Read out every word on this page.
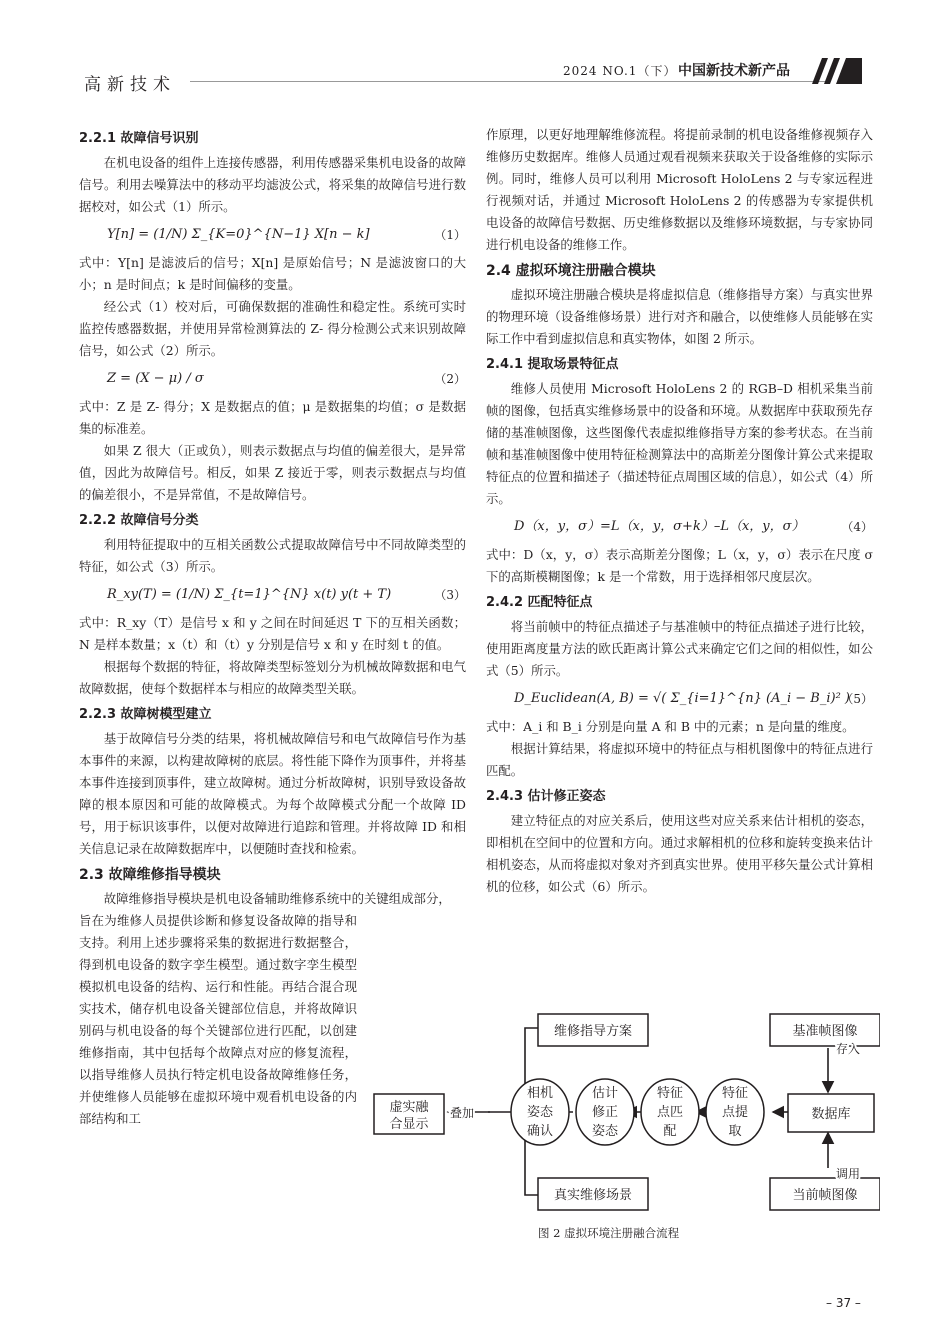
高新技术
2024 NO.1（下） 中国新技术新产品
2.2.1 故障信号识别

在机电设备的组件上连接传感器，利用传感器采集机电设备的故障信号。利用去噪算法中的移动平均滤波公式，将采集的故障信号进行数据校对，如公式（1）所示。

Y[n] = (1/N) Σ_{K=0}^{N−1} X[n − k]	（1）

式中：Y[n] 是滤波后的信号；X[n] 是原始信号；N 是滤波窗口的大小；n 是时间点；k 是时间偏移的变量。

经公式（1）校对后，可确保数据的准确性和稳定性。系统可实时监控传感器数据，并使用异常检测算法的 Z- 得分检测公式来识别故障信号，如公式（2）所示。

Z = (X − μ) / σ	（2）

式中：Z 是 Z- 得分；X 是数据点的值；μ 是数据集的均值；σ 是数据集的标准差。

如果 Z 很大（正或负），则表示数据点与均值的偏差很大，是异常值，因此为故障信号。相反，如果 Z 接近于零，则表示数据点与均值的偏差很小，不是异常值，不是故障信号。

2.2.2 故障信号分类

利用特征提取中的互相关函数公式提取故障信号中不同故障类型的特征，如公式（3）所示。

R_xy(T) = (1/N) Σ_{t=1}^{N} x(t) y(t + T)	（3）

式中：R_xy（T）是信号 x 和 y 之间在时间延迟 T 下的互相关函数；N 是样本数量；x（t）和（t）y 分别是信号 x 和 y 在时刻 t 的值。

根据每个数据的特征，将故障类型标签划分为机械故障数据和电气故障数据，使每个数据样本与相应的故障类型关联。

2.2.3 故障树模型建立

基于故障信号分类的结果，将机械故障信号和电气故障信号作为基本事件的来源，以构建故障树的底层。将性能下降作为顶事件，并将基本事件连接到顶事件，建立故障树。通过分析故障树，识别导致设备故障的根本原因和可能的故障模式。为每个故障模式分配一个故障 ID 号，用于标识该事件，以便对故障进行追踪和管理。并将故障 ID 和相关信息记录在故障数据库中，以便随时查找和检索。

2.3 故障维修指导模块

故障维修指导模块是机电设备辅助维修系统中的关键组成部分，

旨在为维修人员提供诊断和修复设备故障的指导和支持。利用上述步骤将采集的数据进行数据整合，得到机电设备的数字孪生模型。通过数字孪生模型模拟机电设备的结构、运行和性能。再结合混合现实技术，储存机电设备关键部位信息，并将故障识别码与机电设备的每个关键部位进行匹配，以创建维修指南，其中包括每个故障点对应的修复流程，以指导维修人员执行特定机电设备故障维修任务，并使维修人员能够在虚拟环境中观看机电设备的内部结构和工

作原理，以更好地理解维修流程。将提前录制的机电设备维修视频存入维修历史数据库。维修人员通过观看视频来获取关于设备维修的实际示例。同时，维修人员可以利用 Microsoft HoloLens 2 与专家远程进行视频对话，并通过 Microsoft HoloLens 2 的传感器为专家提供机电设备的故障信号数据、历史维修数据以及维修环境数据，与专家协同进行机电设备的维修工作。

2.4 虚拟环境注册融合模块

虚拟环境注册融合模块是将虚拟信息（维修指导方案）与真实世界的物理环境（设备维修场景）进行对齐和融合，以使维修人员能够在实际工作中看到虚拟信息和真实物体，如图 2 所示。

2.4.1 提取场景特征点

维修人员使用 Microsoft HoloLens 2 的 RGB–D 相机采集当前帧的图像，包括真实维修场景中的设备和环境。从数据库中获取预先存储的基准帧图像，这些图像代表虚拟维修指导方案的参考状态。在当前帧和基准帧图像中使用特征检测算法中的高斯差分图像计算公式来提取特征点的位置和描述子（描述特征点周围区域的信息），如公式（4）所示。

D（x，y，σ）=L（x，y，σ+k）–L（x，y，σ）	（4）

式中：D（x，y，σ）表示高斯差分图像；L（x，y，σ）表示在尺度 σ 下的高斯模糊图像；k 是一个常数，用于选择相邻尺度层次。

2.4.2 匹配特征点

将当前帧中的特征点描述子与基准帧中的特征点描述子进行比较，使用距离度量方法的欧氏距离计算公式来确定它们之间的相似性，如公式（5）所示。

D_Euclidean(A, B) = √( Σ_{i=1}^{n} (A_i − B_i)² )
（5）

式中：A_i 和 B_i 分别是向量 A 和 B 中的元素；n 是向量的维度。

根据计算结果，将虚拟环境中的特征点与相机图像中的特征点进行匹配。

2.4.3 估计修正姿态

建立特征点的对应关系后，使用这些对应关系来估计相机的姿态，即相机在空间中的位置和方向。通过求解相机的位移和旋转变换来估计相机姿态，从而将虚拟对象对齐到真实世界。使用平移矢量公式计算相机的位移，如公式（6）所示。

维修指导方案	基准帧图像
数据库
真实维修场景	当前帧图像
虚实融
合显示
叠加
相机
姿态
确认
估计
修正
姿态
特征
点匹
配
特征
点提
取
存入
调用
图 2 虚拟环境注册融合流程
– 37 –
